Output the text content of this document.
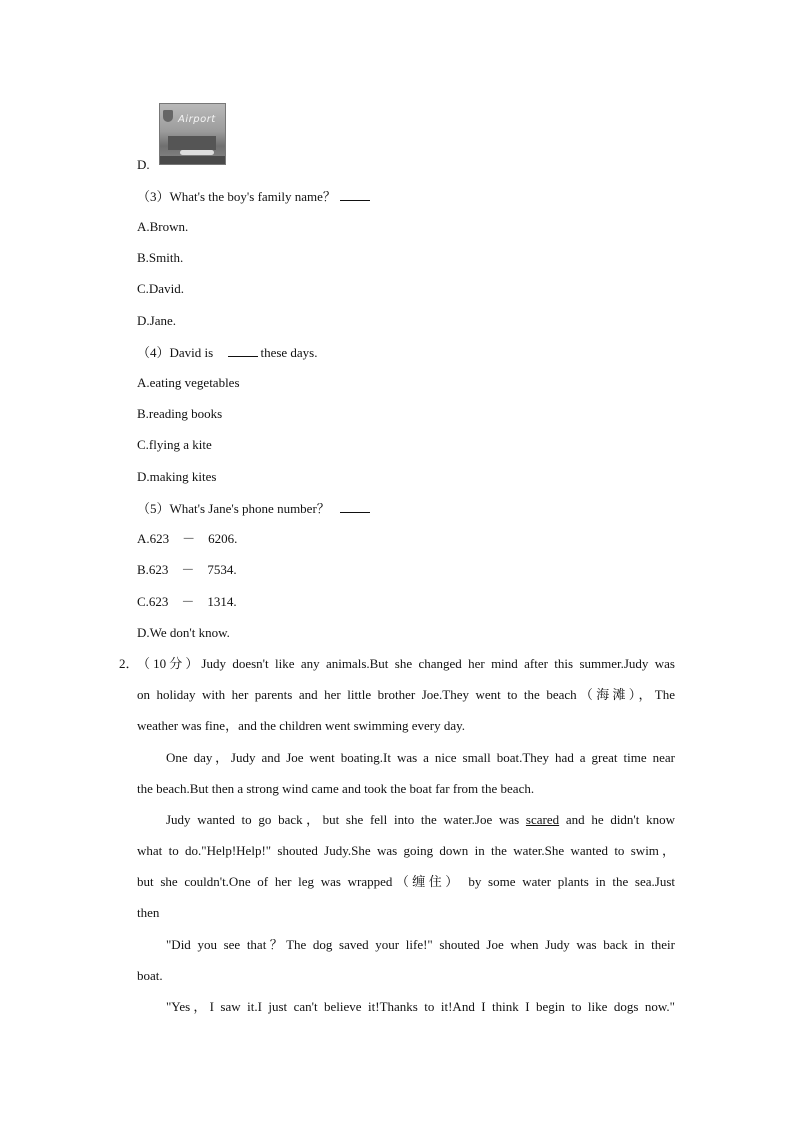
D.
Airport
（3）What's the boy's family name？
A.Brown.
B.Smith.
C.David.
D.Jane.
（4）David is	these days.
A.eating vegetables
B.reading books
C.flying a kite
D.making kites
（5）What's Jane's phone number？
A.623　－　6206.
B.623　－　7534.
C.623　－　1314.
D.We don't know.
2．
（10分）Judy doesn't like any animals.But she changed her mind after this summer.Judy was
on holiday with her parents and her little brother Joe.They went to the beach（海滩），The
weather was fine，and the children went swimming every day.
One day，Judy and Joe went boating.It was a nice small boat.They had a great time near
the beach.But then a strong wind came and took the boat far from the beach.
Judy wanted to go back，but she fell into the water.Joe was scared and he didn't know
what to do."Help!Help!" shouted Judy.She was going down in the water.She wanted to swim，
but she couldn't.One of her leg was wrapped（缠住） by some water plants in the sea.Just
then
"Did you see that？The dog saved your life!" shouted Joe when Judy was back in their
boat.
"Yes，I saw it.I just can't believe it!Thanks to it!And I think I begin to like dogs now."
